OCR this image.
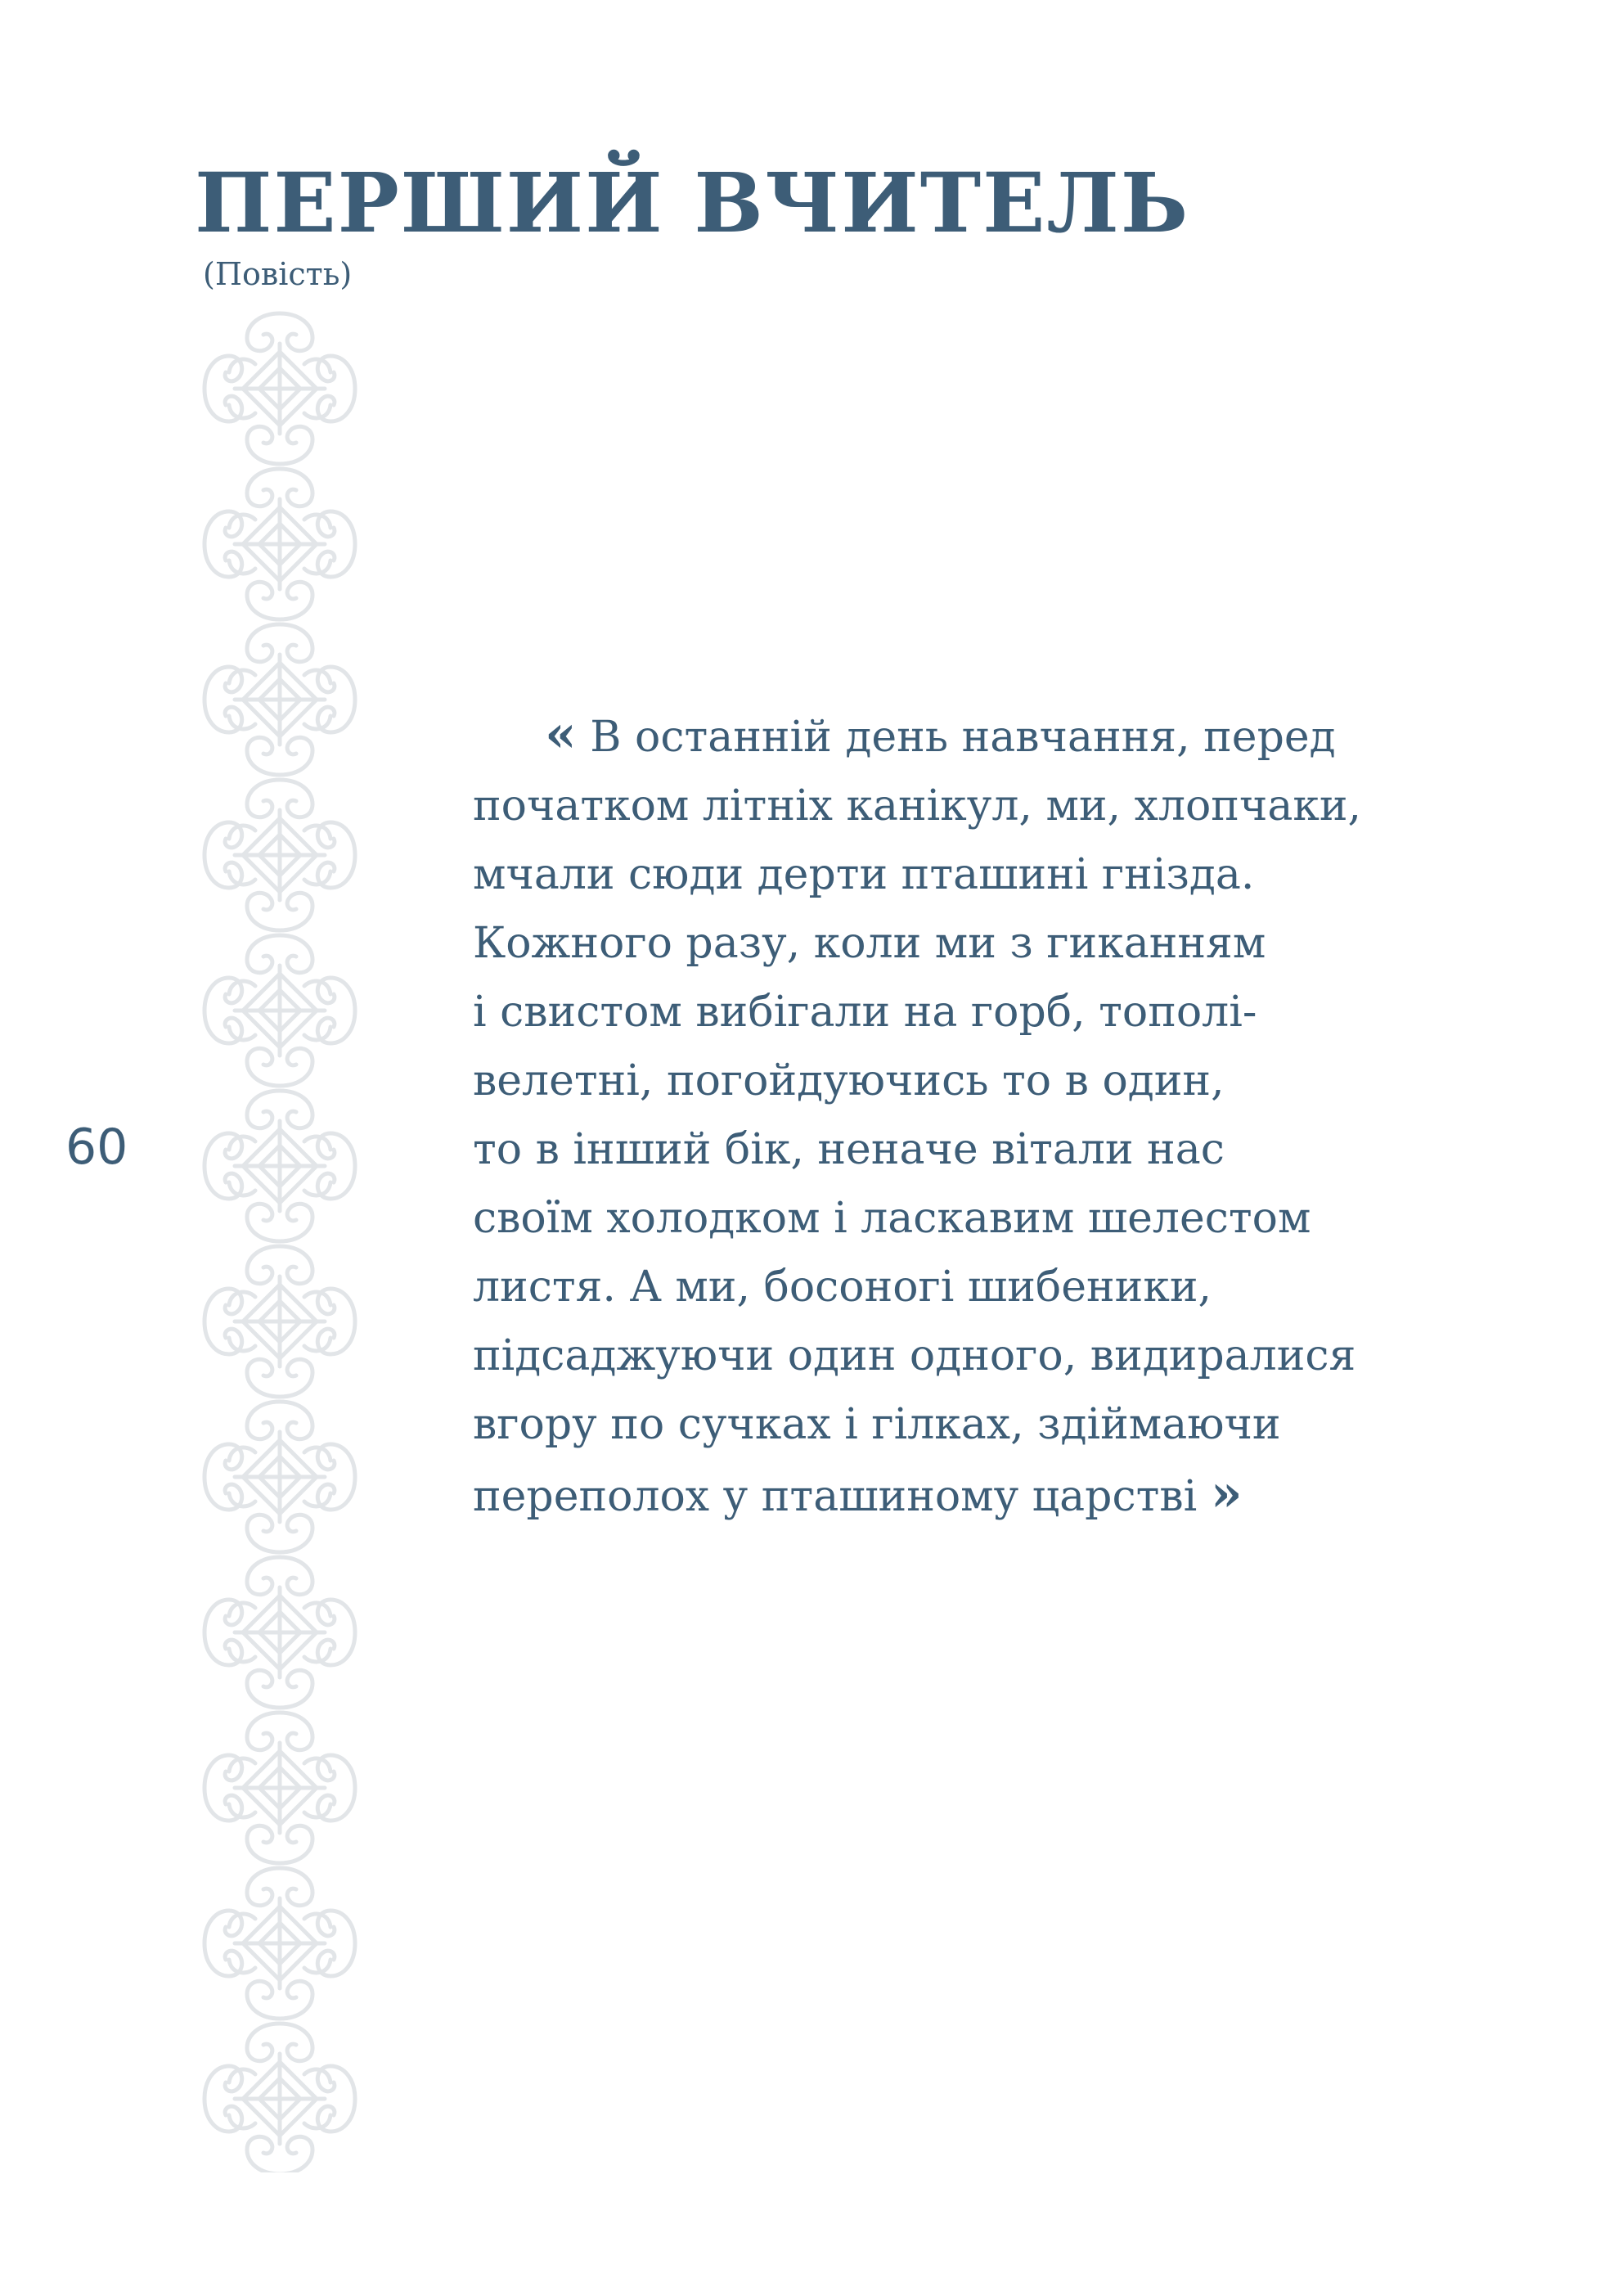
ПЕРШИЙ ВЧИТЕЛЬ
(Повість)
60
« В останній день навчання, перед
початком літніх канікул, ми, хлопчаки,
мчали сюди дерти пташині гнізда.
Кожного разу, коли ми з гиканням
і свистом вибігали на горб, тополі-
велетні, погойдуючись то в один,
то в інший бік, неначе вітали нас
своїм холодком і ласкавим шелестом
листя. А ми, босоногі шибеники,
підсаджуючи один одного, видиралися
вгору по сучках і гілках, здіймаючи
переполох у пташиному царстві »
